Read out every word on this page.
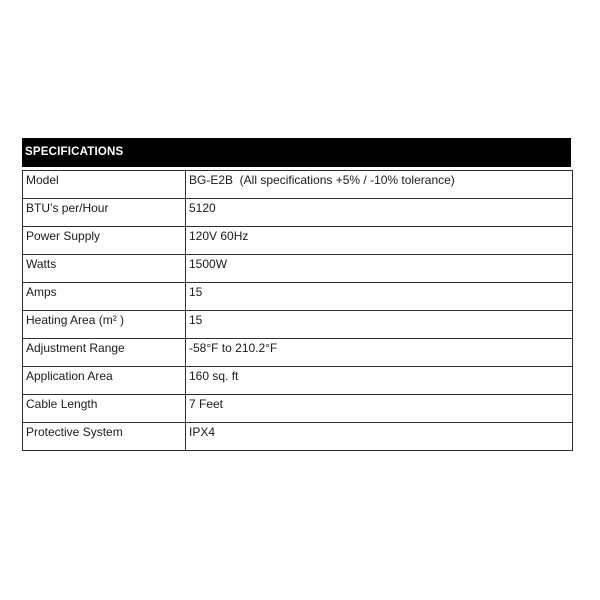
SPECIFICATIONS
Model	BG-E2B  (All specifications +5% / -10% tolerance)
BTU’s per/Hour	5120
Power Supply	120V 60Hz
Watts	1500W
Amps	15
Heating Area (m² )	15
Adjustment Range	-58°F to 210.2°F
Application Area	160 sq. ft
Cable Length	7 Feet
Protective System	IPX4
